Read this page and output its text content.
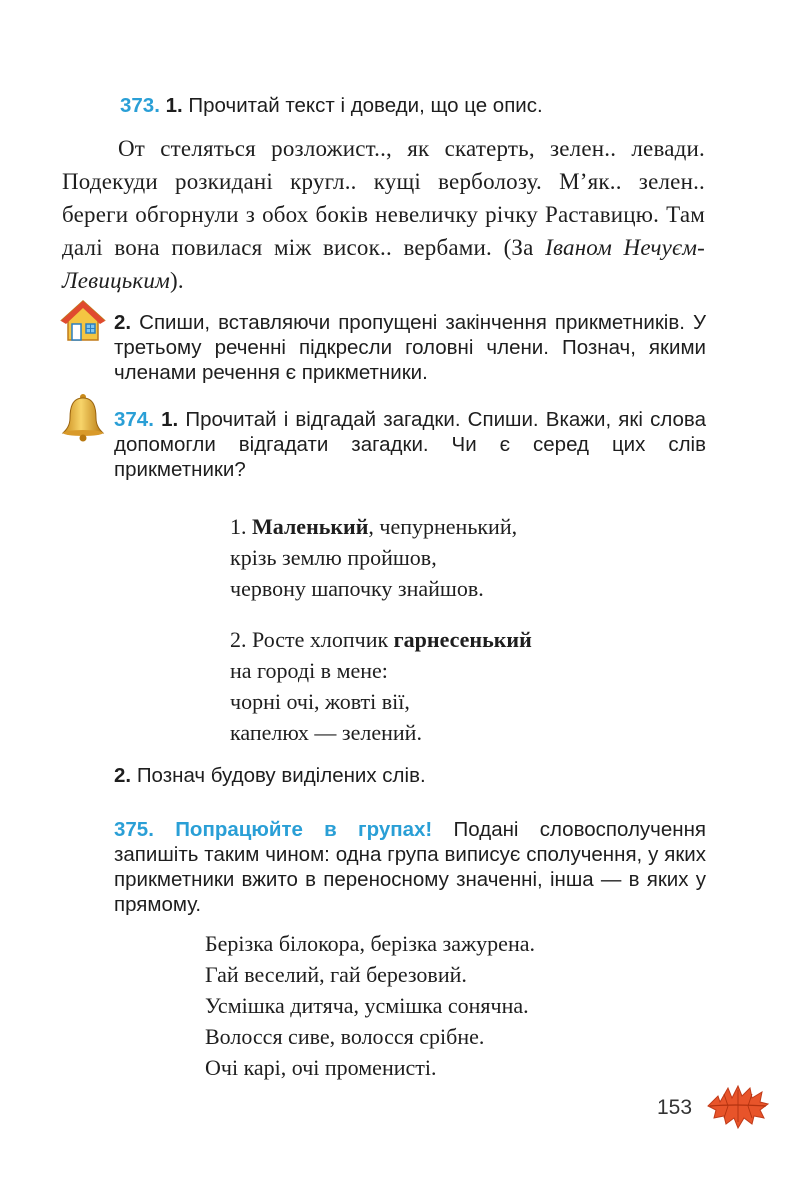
373. 1. Прочитай текст і доведи, що це опис.
От стеляться розложист.., як скатерть, зелен.. левади. Подекуди розкидані кругл.. кущі верболозу. М’як.. зелен.. береги обгорнули з обох боків невеличку річку Раставицю. Там далі вона повилася між висок.. вербами. (За Іваном Нечуєм-Левицьким).
2. Спиши, вставляючи пропущені закінчення прикметників. У третьому реченні підкресли головні члени. Познач, якими членами речення є прикметники.
374. 1. Прочитай і відгадай загадки. Спиши. Вкажи, які слова допомогли відгадати загадки. Чи є серед цих слів прикметники?
1. Маленький, чепурненький,
крізь землю пройшов,
червону шапочку знайшов.
2. Росте хлопчик гарнесенький
на городі в мене:
чорні очі, жовті вії,
капелюх — зелений.
2. Познач будову виділених слів.
375. Попрацюйте в групах! Подані словосполучення запишіть таким чином: одна група виписує сполучення, у яких прикметники вжито в переносному значенні, інша — в яких у прямому.
Берізка білокора, берізка зажурена.
Гай веселий, гай березовий.
Усмішка дитяча, усмішка сонячна.
Волосся сиве, волосся срібне.
Очі карі, очі променисті.
153
